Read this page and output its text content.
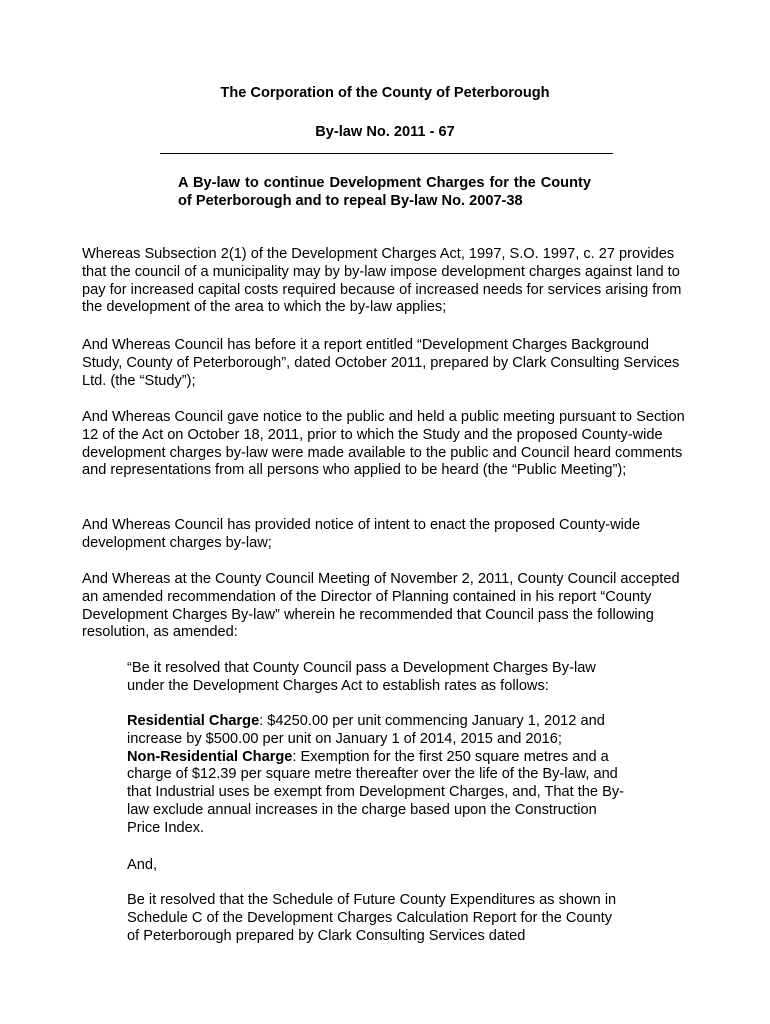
The Corporation of the County of Peterborough
By-law No. 2011 - 67
A By-law to continue Development Charges for the County of Peterborough and to repeal By-law No. 2007-38

Whereas Subsection 2(1) of the Development Charges Act, 1997, S.O. 1997, c. 27 provides that the council of a municipality may by by-law impose development charges against land to pay for increased capital costs required because of increased needs for services arising from the development of the area to which the by-law applies;

And Whereas Council has before it a report entitled “Development Charges Background Study, County of Peterborough”, dated October 2011, prepared by Clark Consulting Services Ltd. (the “Study”);

And Whereas Council gave notice to the public and held a public meeting pursuant to Section 12 of the Act on October 18, 2011, prior to which the Study and the proposed County-wide development charges by-law were made available to the public and Council heard comments and representations from all persons who applied to be heard (the “Public Meeting”);

And Whereas Council has provided notice of intent to enact the proposed County-wide development charges by-law;

And Whereas at the County Council Meeting of November 2, 2011, County Council accepted an amended recommendation of the Director of Planning contained in his report “County Development Charges By-law” wherein he recommended that Council pass the following resolution, as amended:

“Be it resolved that County Council pass a Development Charges By-law under the Development Charges Act to establish rates as follows:

Residential Charge: $4250.00 per unit commencing January 1, 2012 and increase by $500.00 per unit on January 1 of 2014, 2015 and 2016;

Non-Residential Charge: Exemption for the first 250 square metres and a charge of $12.39 per square metre thereafter over the life of the By-law, and that Industrial uses be exempt from Development Charges, and, That the By-law exclude annual increases in the charge based upon the Construction Price Index.

And,

Be it resolved that the Schedule of Future County Expenditures as shown in Schedule C of the Development Charges Calculation Report for the County of Peterborough prepared by Clark Consulting Services dated
